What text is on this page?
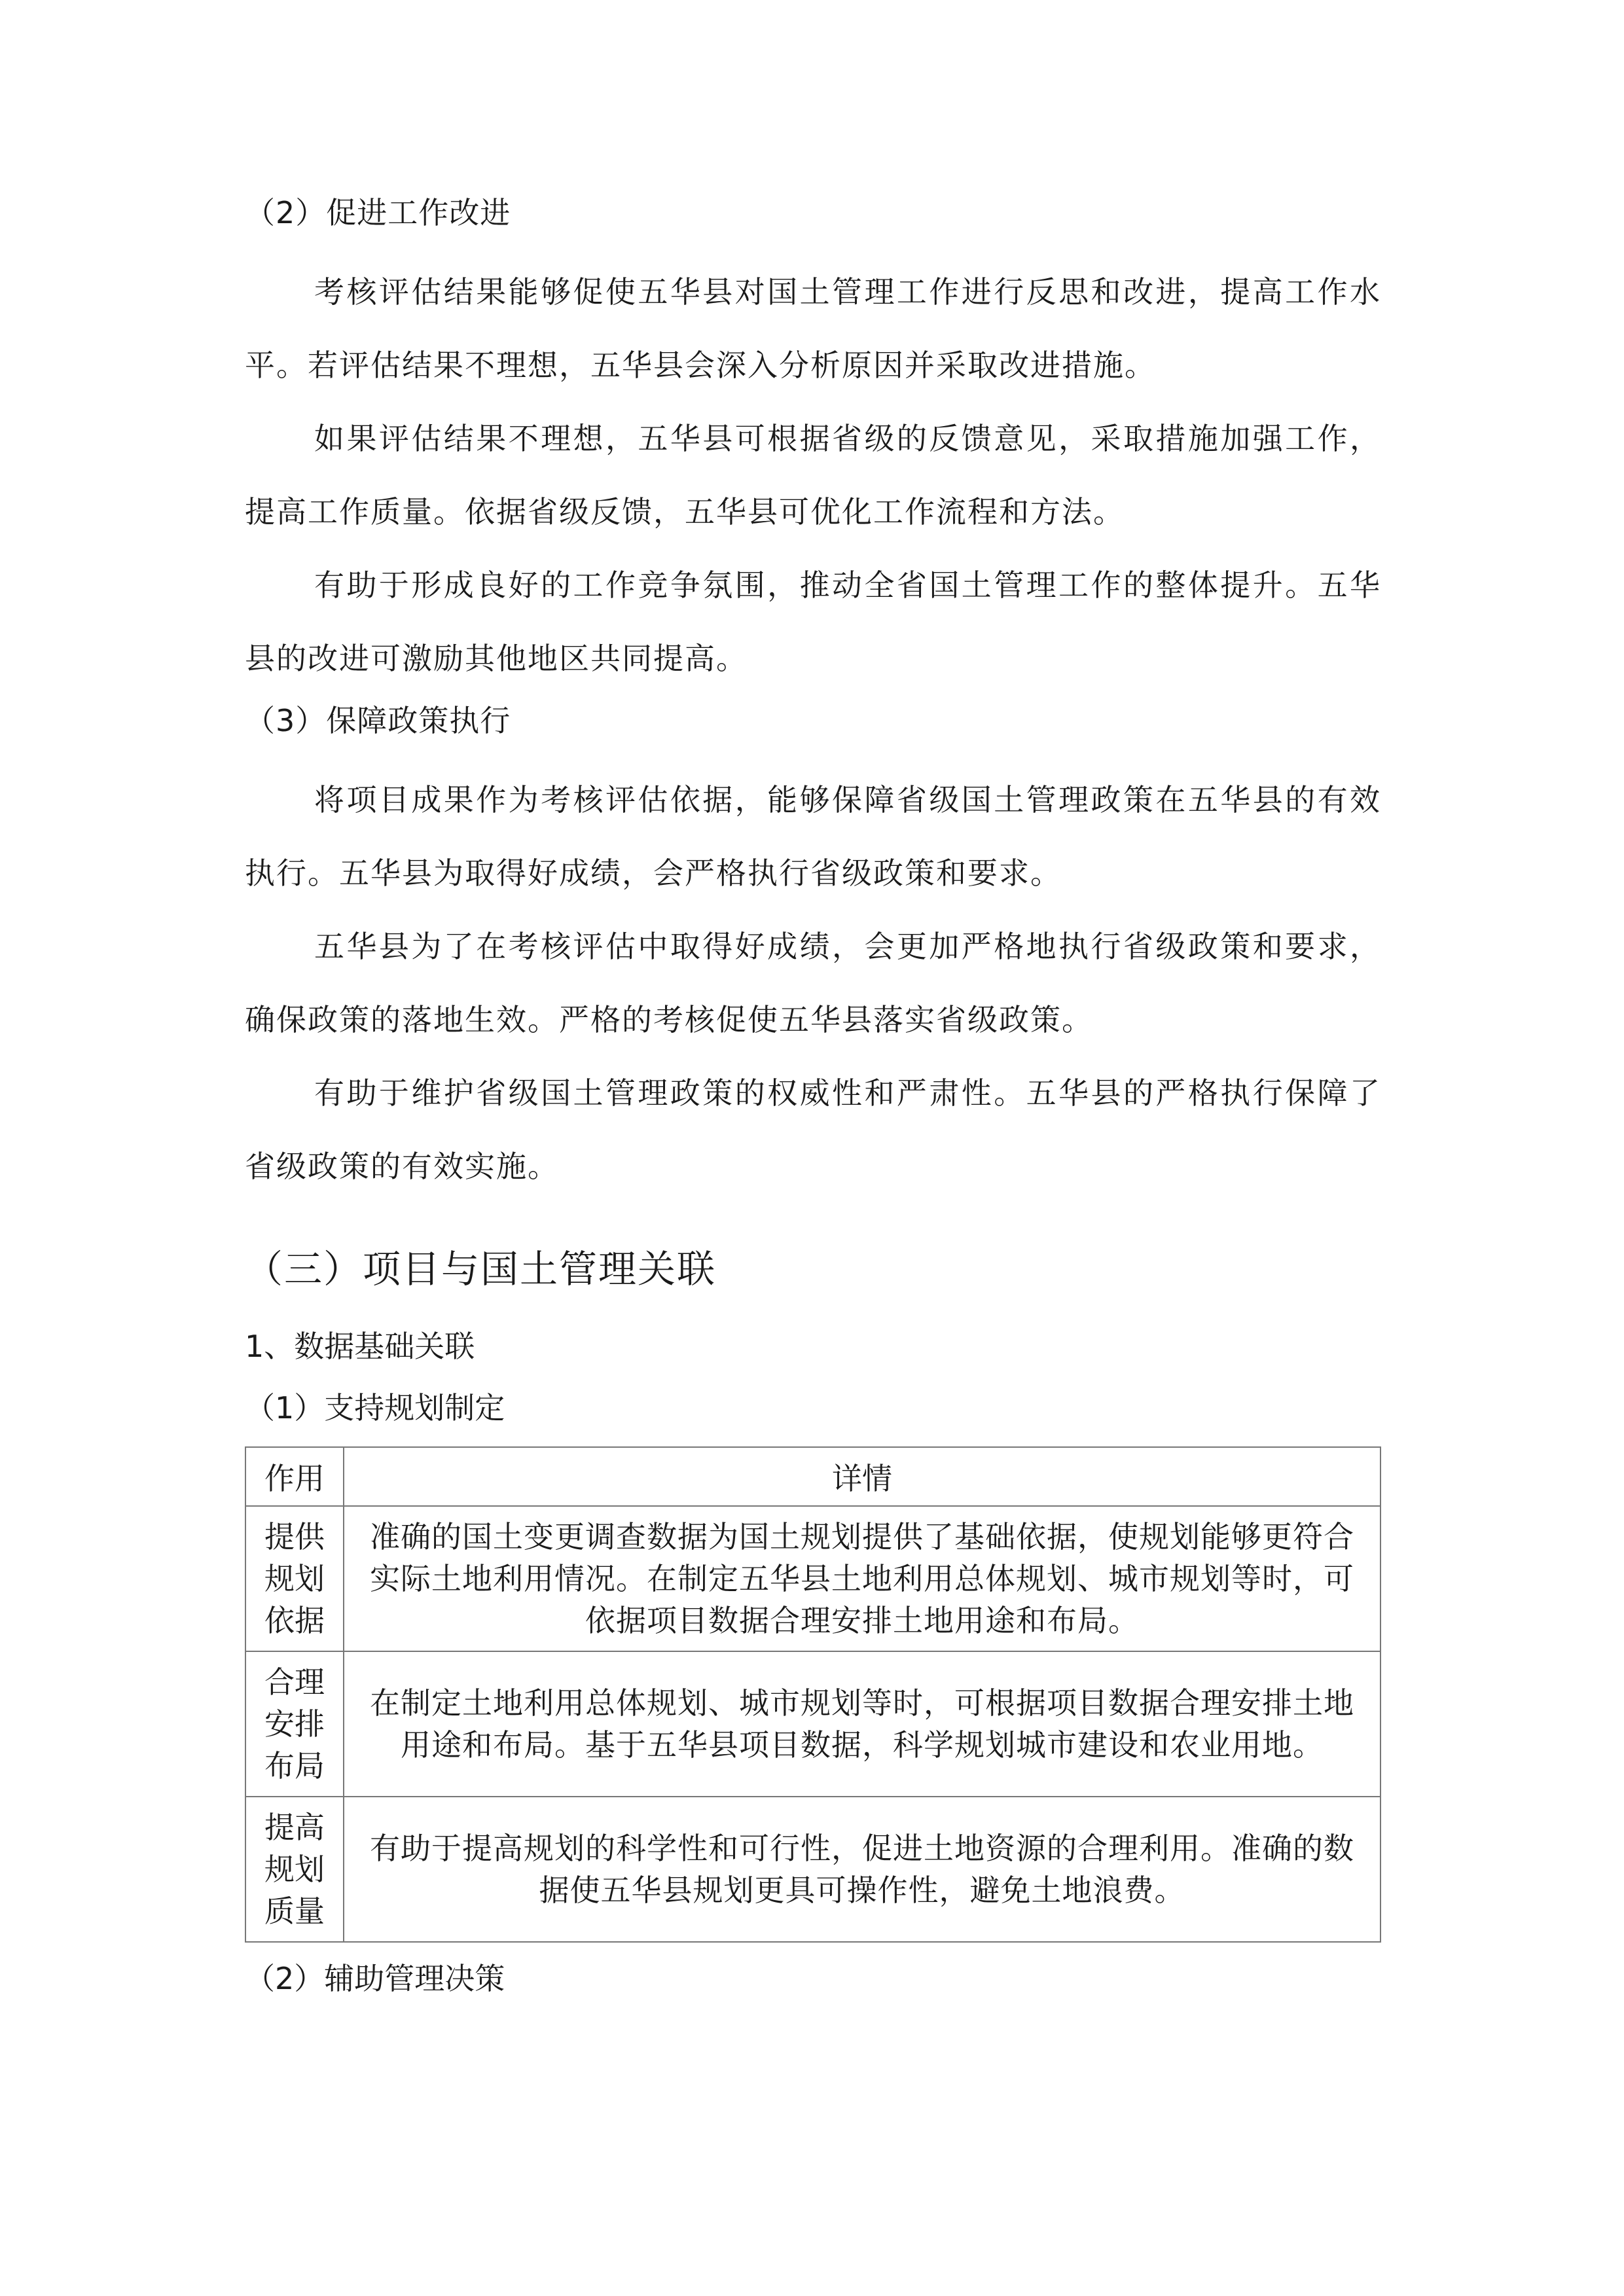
（2）促进工作改进

考核评估结果能够促使五华县对国土管理工作进行反思和改进，提高工作水平。若评估结果不理想，五华县会深入分析原因并采取改进措施。

如果评估结果不理想，五华县可根据省级的反馈意见，采取措施加强工作，提高工作质量。依据省级反馈，五华县可优化工作流程和方法。

有助于形成良好的工作竞争氛围，推动全省国土管理工作的整体提升。五华县的改进可激励其他地区共同提高。

（3）保障政策执行

将项目成果作为考核评估依据，能够保障省级国土管理政策在五华县的有效执行。五华县为取得好成绩，会严格执行省级政策和要求。

五华县为了在考核评估中取得好成绩，会更加严格地执行省级政策和要求，确保政策的落地生效。严格的考核促使五华县落实省级政策。

有助于维护省级国土管理政策的权威性和严肃性。五华县的严格执行保障了省级政策的有效实施。

（三）项目与国土管理关联
1、数据基础关联
（1）支持规划制定
作用	详情
提供规划依据	准确的国土变更调查数据为国土规划提供了基础依据，使规划能够更符合实际土地利用情况。在制定五华县土地利用总体规划、城市规划等时，可依据项目数据合理安排土地用途和布局。
合理安排布局	在制定土地利用总体规划、城市规划等时，可根据项目数据合理安排土地用途和布局。基于五华县项目数据，科学规划城市建设和农业用地。
提高规划质量	有助于提高规划的科学性和可行性，促进土地资源的合理利用。准确的数据使五华县规划更具可操作性，避免土地浪费。
（2）辅助管理决策
